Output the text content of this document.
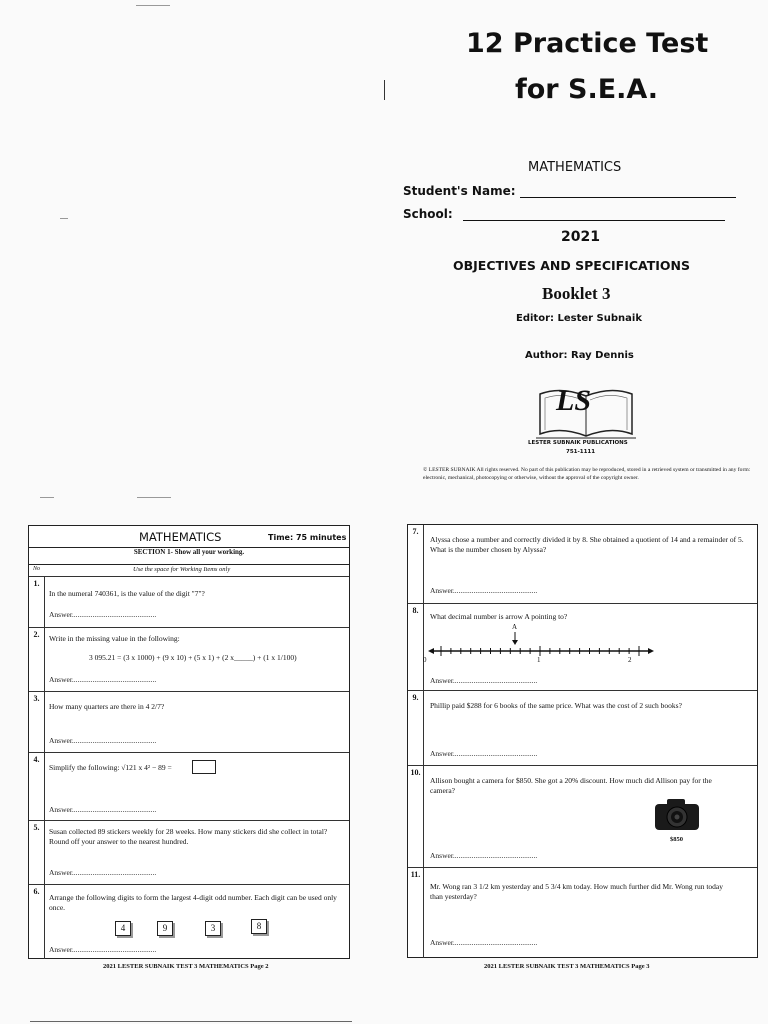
12 Practice Test
for S.E.A.
MATHEMATICS
Student's Name:
School:
2021
OBJECTIVES AND SPECIFICATIONS
Booklet 3
Editor: Lester Subnaik
Author: Ray Dennis
LS
LESTER SUBNAIK PUBLICATIONS
751-1111
© LESTER SUBNAIK All rights reserved. No part of this publication may be reproduced, stored in a retrieved system or transmitted in any form: electronic, mechanical, photocopying or otherwise, without the approval of the copyright owner.
MATHEMATICS	Time: 75 minutes
SECTION 1- Show all your working.
No	Use the space for Working Items only
1.
In the numeral 740361, is the value of the digit "7"?
Answer.............................................
2.	Write in the missing value in the following:
3 095.21 = (3 x 1000) + (9 x 10) + (5 x 1) + (2 x_____) + (1 x 1/100)
Answer.............................................
3.
How many quarters are there in 4 2/7?
Answer.............................................
4.
Simplify the following: √121 x 4² − 89 =
Answer.............................................
5.	Susan collected 89 stickers weekly for 28 weeks. How many stickers did she collect in total? Round off your answer to the nearest hundred.
Answer.............................................
6.
Arrange the following digits to form the largest 4-digit odd number. Each digit can be used only once.
4	9	3	8
Answer.............................................
2021 LESTER SUBNAIK TEST 3 MATHEMATICS Page 2
7.
Alyssa chose a number and correctly divided it by 8. She obtained a quotient of 14 and a remainder of 5. What is the number chosen by Alyssa?
Answer.............................................
8.
What decimal number is arrow A pointing to?
A
0	1	2
Answer.............................................
9.
Phillip paid $288 for 6 books of the same price. What was the cost of 2 such books?
Answer.............................................
10.
Allison bought a camera for $850. She got a 20% discount. How much did Allison pay for the camera?
$850
Answer.............................................
11.
Mr. Wong ran 3 1/2 km yesterday and 5 3/4 km today. How much further did Mr. Wong run today than yesterday?
Answer.............................................
2021 LESTER SUBNAIK TEST 3 MATHEMATICS Page 3
